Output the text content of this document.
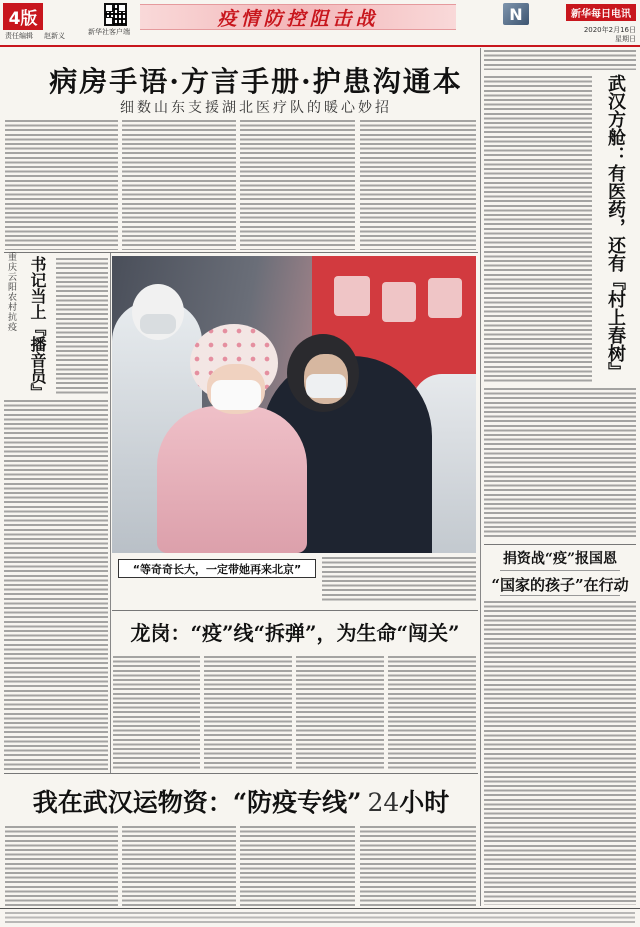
4版
责任编辑 赵新义	新华社客户端
疫情防控阻击战	N	新华每日电讯
2020年2月16日
星期日
病房手语·方言手册·护患沟通本
细数山东支援湖北医疗队的暖心妙招
重庆云阳农村抗疫 书记当上『播音员』
“等奇奇长大，一定带她再来北京”
龙岗：“疫”线“拆弹”，为生命“闯关”
武汉方舱：有医药，还有『村上春树』
捐资战“疫”报国恩
“国家的孩子”在行动
我在武汉运物资：“防疫专线” 24小时
